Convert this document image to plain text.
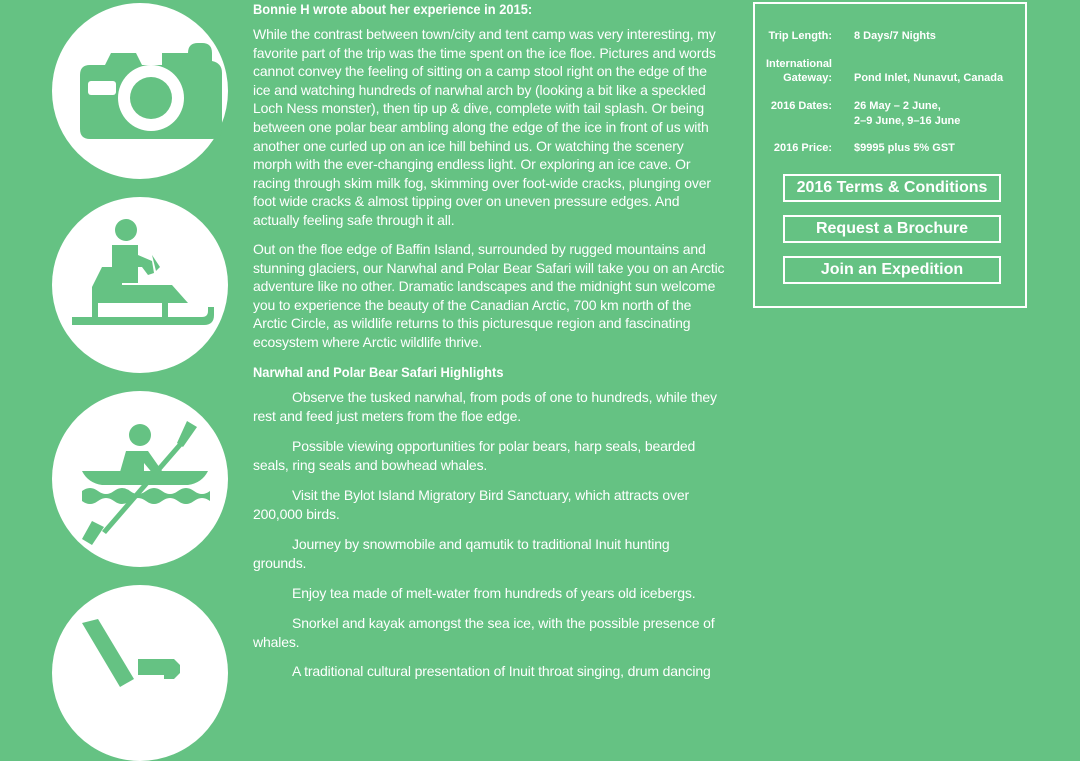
Bonnie H wrote about her experience in 2015:
While the contrast between town/city and tent camp was very interesting, my favorite part of the trip was the time spent on the ice floe. Pictures and words cannot convey the feeling of sitting on a camp stool right on the edge of the ice and watching hundreds of narwhal arch by (looking a bit like a speckled Loch Ness monster), then tip up & dive, complete with tail splash. Or being between one polar bear ambling along the edge of the ice in front of us with another one curled up on an ice hill behind us. Or watching the scenery morph with the ever-changing endless light. Or exploring an ice cave. Or racing through skim milk fog, skimming over foot-wide cracks, plunging over foot wide cracks & almost tipping over on uneven pressure edges. And actually feeling safe through it all.
Out on the floe edge of Baffin Island, surrounded by rugged mountains and stunning glaciers, our Narwhal and Polar Bear Safari will take you on an Arctic adventure like no other. Dramatic landscapes and the midnight sun welcome you to experience the beauty of the Canadian Arctic, 700 km north of the Arctic Circle, as wildlife returns to this picturesque region and fascinating ecosystem where Arctic wildlife thrive.
Narwhal and Polar Bear Safari Highlights
Observe the tusked narwhal, from pods of one to hundreds, while they rest and feed just meters from the floe edge.
Possible viewing opportunities for polar bears, harp seals, bearded seals, ring seals and bowhead whales.
Visit the Bylot Island Migratory Bird Sanctuary, which attracts over 200,000 birds.
Journey by snowmobile and qamutik to traditional Inuit hunting grounds.
Enjoy tea made of melt-water from hundreds of years old icebergs.
Snorkel and kayak amongst the sea ice, with the possible presence of whales.
A traditional cultural presentation of Inuit throat singing, drum dancing
Trip Length: 8 Days/7 Nights
International
Gateway: Pond Inlet, Nunavut, Canada
2016 Dates: 26 May – 2 June,
2–9 June, 9–16 June
2016 Price: $9995 plus 5% GST
2016 Terms & Conditions
Request a Brochure
Join an Expedition
